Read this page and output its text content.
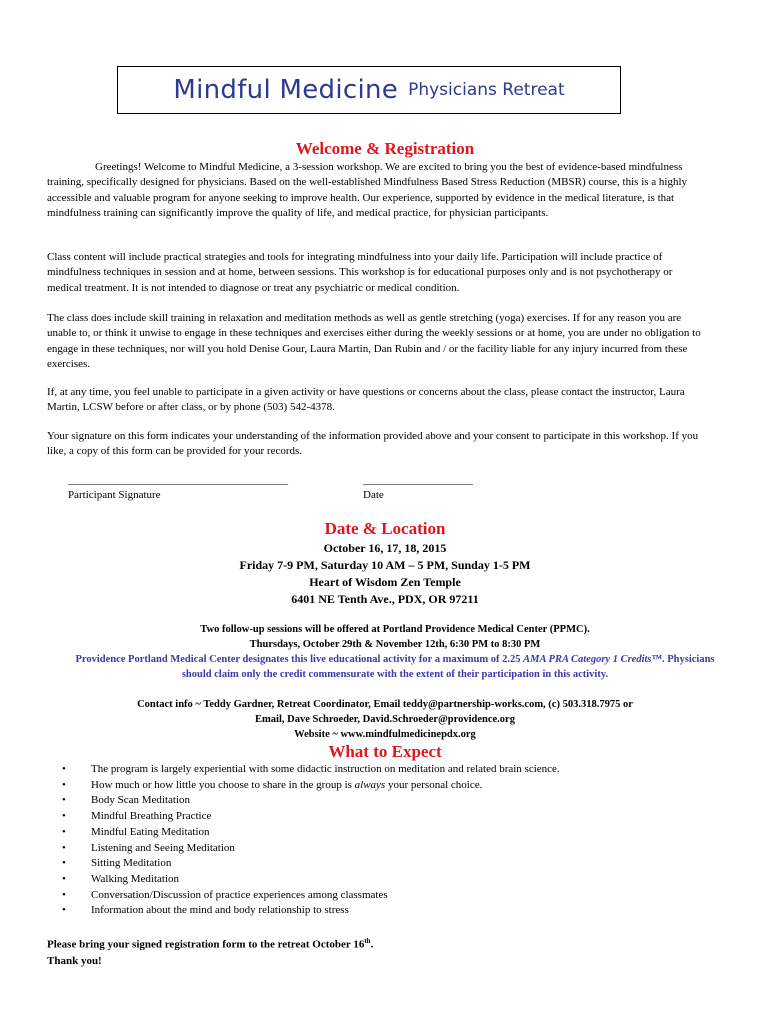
Mindful Medicine Physicians Retreat
Welcome & Registration
Greetings! Welcome to Mindful Medicine, a 3-session workshop. We are excited to bring you the best of evidence-based mindfulness training, specifically designed for physicians. Based on the well-established Mindfulness Based Stress Reduction (MBSR) course, this is a highly accessible and valuable program for anyone seeking to improve health. Our experience, supported by evidence in the medical literature, is that mindfulness training can significantly improve the quality of life, and medical practice, for physician participants.
Class content will include practical strategies and tools for integrating mindfulness into your daily life. Participation will include practice of mindfulness techniques in session and at home, between sessions. This workshop is for educational purposes only and is not psychotherapy or medical treatment. It is not intended to diagnose or treat any psychiatric or medical condition.
The class does include skill training in relaxation and meditation methods as well as gentle stretching (yoga) exercises. If for any reason you are unable to, or think it unwise to engage in these techniques and exercises either during the weekly sessions or at home, you are under no obligation to engage in these techniques, nor will you hold Denise Gour, Laura Martin, Dan Rubin and / or the facility liable for any injury incurred from these exercises.
If, at any time, you feel unable to participate in a given activity or have questions or concerns about the class, please contact the instructor, Laura Martin, LCSW before or after class, or by phone (503) 542-4378.
Your signature on this form indicates your understanding of the information provided above and your consent to participate in this workshop. If you like, a copy of this form can be provided for your records.
________________________________________
Participant Signature
____________________
Date
Date & Location
October 16, 17, 18, 2015
Friday 7-9 PM, Saturday 10 AM – 5 PM, Sunday 1-5 PM
Heart of Wisdom Zen Temple
6401 NE Tenth Ave., PDX, OR 97211
Two follow-up sessions will be offered at Portland Providence Medical Center (PPMC).
Thursdays, October 29th & November 12th, 6:30 PM to 8:30 PM
Providence Portland Medical Center designates this live educational activity for a maximum of 2.25 AMA PRA Category 1 Credits™. Physicians should claim only the credit commensurate with the extent of their participation in this activity.
Contact info ~ Teddy Gardner, Retreat Coordinator, Email teddy@partnership-works.com, (c) 503.318.7975 or
Email, Dave Schroeder, David.Schroeder@providence.org
Website ~ www.mindfulmedicinepdx.org
What to Expect
• The program is largely experiential with some didactic instruction on meditation and related brain science.
• How much or how little you choose to share in the group is always your personal choice.
• Body Scan Meditation
• Mindful Breathing Practice
• Mindful Eating Meditation
• Listening and Seeing Meditation
• Sitting Meditation
• Walking Meditation
• Conversation/Discussion of practice experiences among classmates
• Information about the mind and body relationship to stress
Please bring your signed registration form to the retreat October 16th.
Thank you!
